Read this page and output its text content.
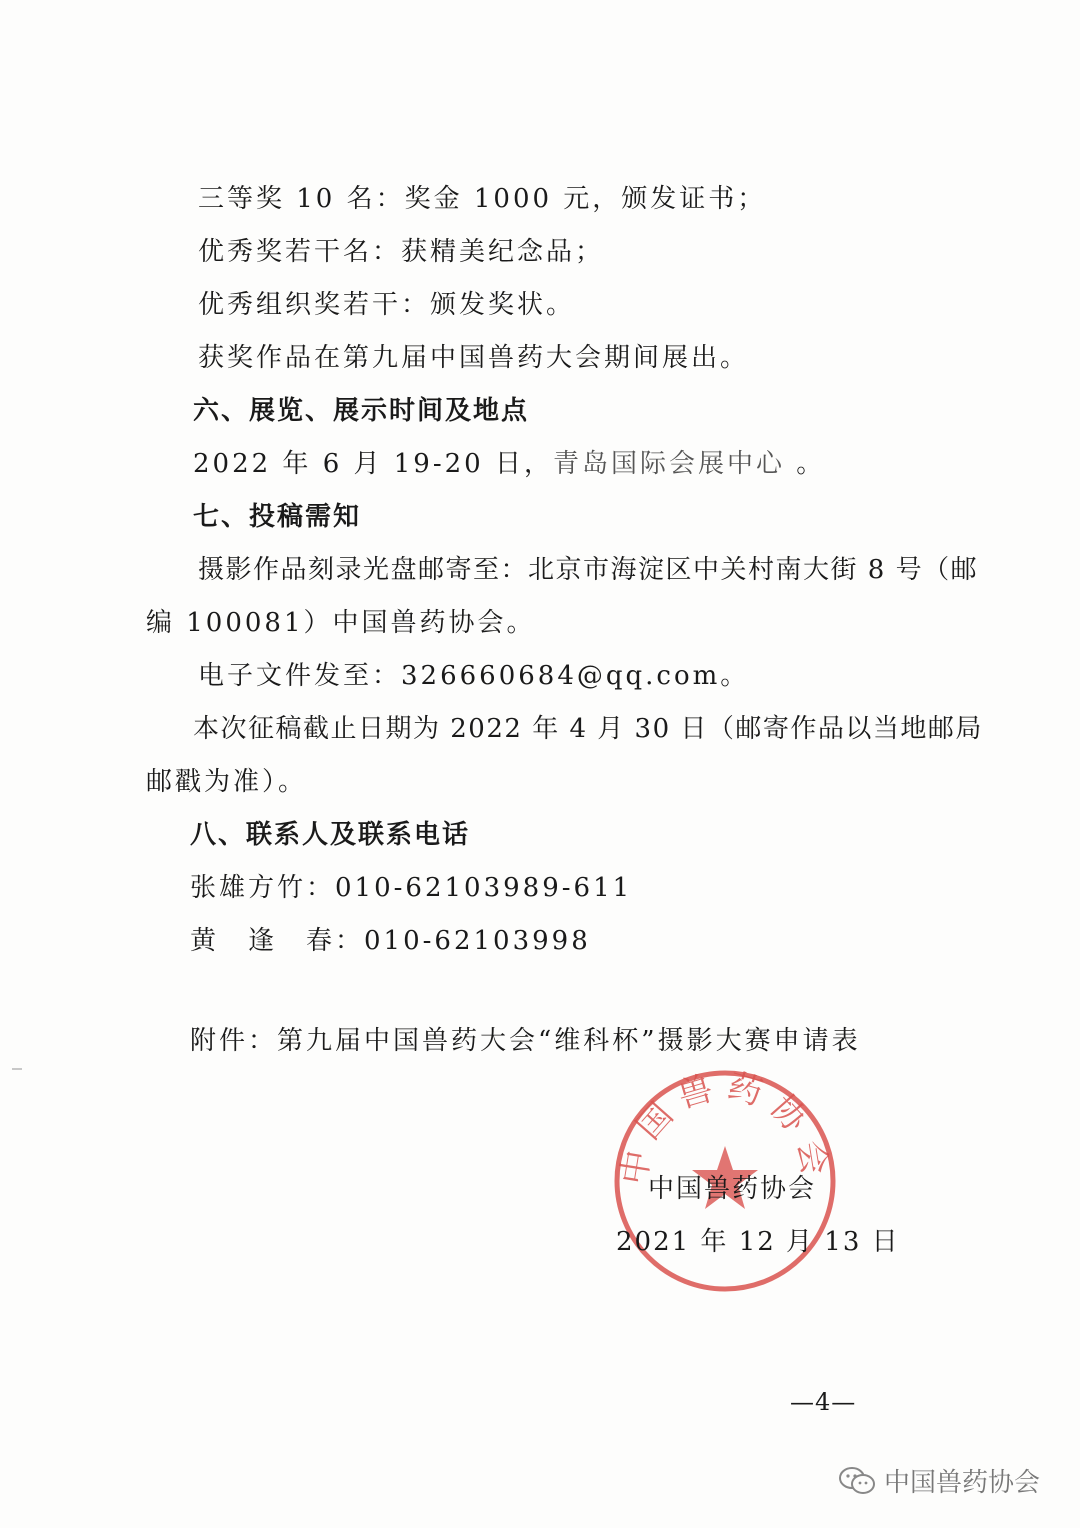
三等奖 10 名：奖金 1000 元，颁发证书；
优秀奖若干名：获精美纪念品；
优秀组织奖若干：颁发奖状。
获奖作品在第九届中国兽药大会期间展出。
六、展览、展示时间及地点
2022 年 6 月 19-20 日，青岛国际会展中心 。
七、投稿需知
摄影作品刻录光盘邮寄至：北京市海淀区中关村南大街 8 号（邮
编 100081）中国兽药协会。
电子文件发至：326660684@qq.com。
本次征稿截止日期为 2022 年 4 月 30 日（邮寄作品以当地邮局
邮戳为准）。
八、联系人及联系电话
张雄方竹：010-62103989-611
黄　逢　春：010-62103998
附件：第九届中国兽药大会“维科杯”摄影大赛申请表
中国兽药协会
中国兽药协会
2021 年 12 月 13 日
—4—
中国兽药协会
